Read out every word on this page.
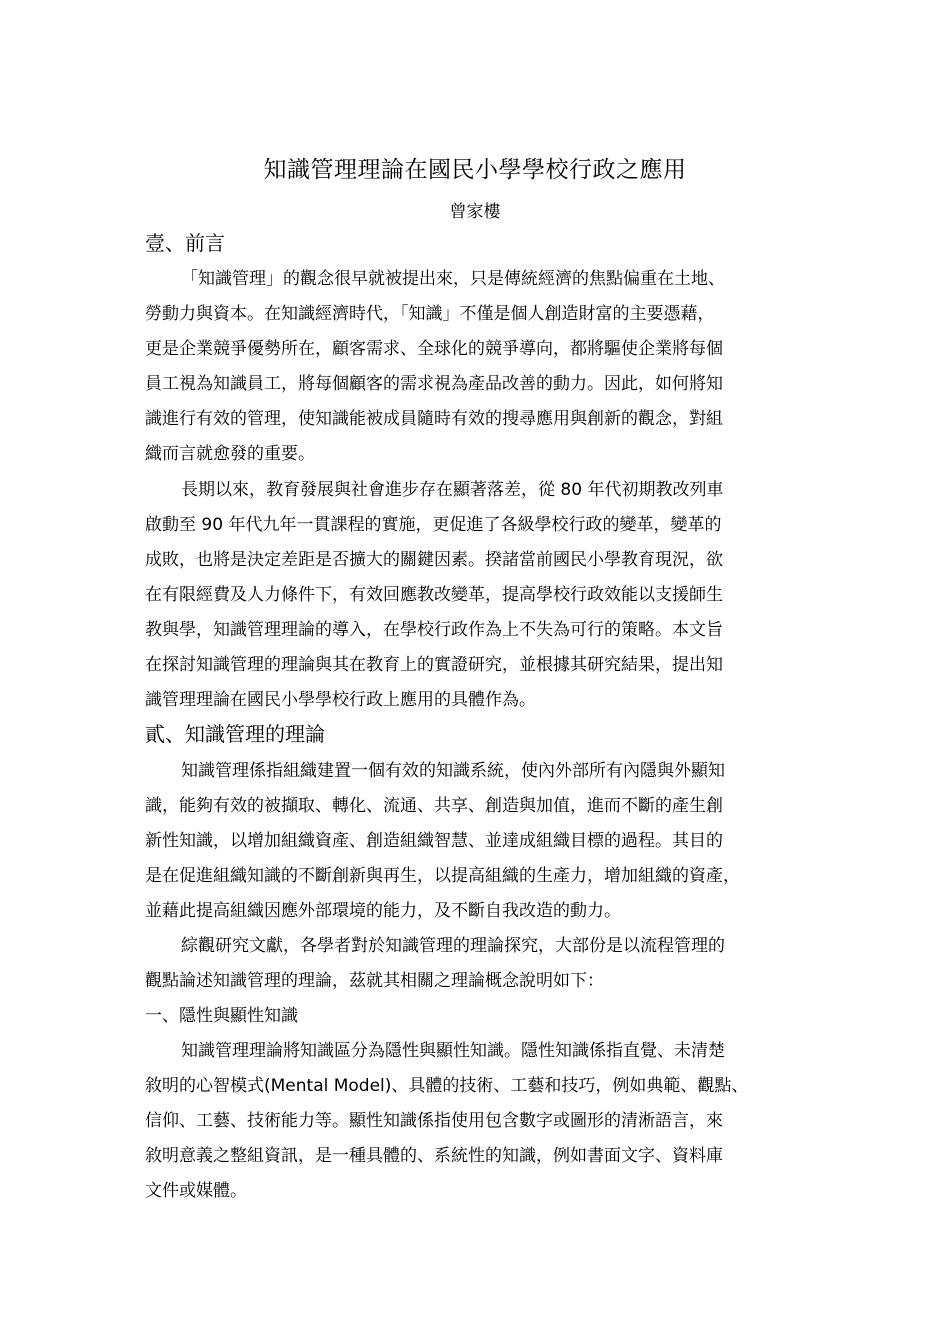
知識管理理論在國民小學學校行政之應用
曾家樓
壹、前言
「知識管理」的觀念很早就被提出來，只是傳統經濟的焦點偏重在土地、
勞動力與資本。在知識經濟時代，「知識」不僅是個人創造財富的主要憑藉，
更是企業競爭優勢所在，顧客需求、全球化的競爭導向，都將驅使企業將每個
員工視為知識員工，將每個顧客的需求視為產品改善的動力。因此，如何將知
識進行有效的管理，使知識能被成員隨時有效的搜尋應用與創新的觀念，對組
織而言就愈發的重要。
長期以來，教育發展與社會進步存在顯著落差，從 80 年代初期教改列車
啟動至 90 年代九年一貫課程的實施，更促進了各級學校行政的變革，變革的
成敗，也將是決定差距是否擴大的關鍵因素。揆諸當前國民小學教育現況，欲
在有限經費及人力條件下，有效回應教改變革，提高學校行政效能以支援師生
教與學，知識管理理論的導入，在學校行政作為上不失為可行的策略。本文旨
在探討知識管理的理論與其在教育上的實證研究，並根據其研究結果，提出知
識管理理論在國民小學學校行政上應用的具體作為。
貳、知識管理的理論
知識管理係指組織建置一個有效的知識系統，使內外部所有內隱與外顯知
識，能夠有效的被擷取、轉化、流通、共享、創造與加值，進而不斷的產生創
新性知識，以增加組織資產、創造組織智慧、並達成組織目標的過程。其目的
是在促進組織知識的不斷創新與再生，以提高組織的生產力，增加組織的資產，
並藉此提高組織因應外部環境的能力，及不斷自我改造的動力。
綜觀研究文獻，各學者對於知識管理的理論探究，大部份是以流程管理的
觀點論述知識管理的理論，茲就其相關之理論概念說明如下：
一、隱性與顯性知識
知識管理理論將知識區分為隱性與顯性知識。隱性知識係指直覺、未清楚
敘明的心智模式(Mental Model)、具體的技術、工藝和技巧，例如典範、觀點、
信仰、工藝、技術能力等。顯性知識係指使用包含數字或圖形的清淅語言，來
敘明意義之整組資訊，是一種具體的、系統性的知識，例如書面文字、資料庫
文件或媒體。
